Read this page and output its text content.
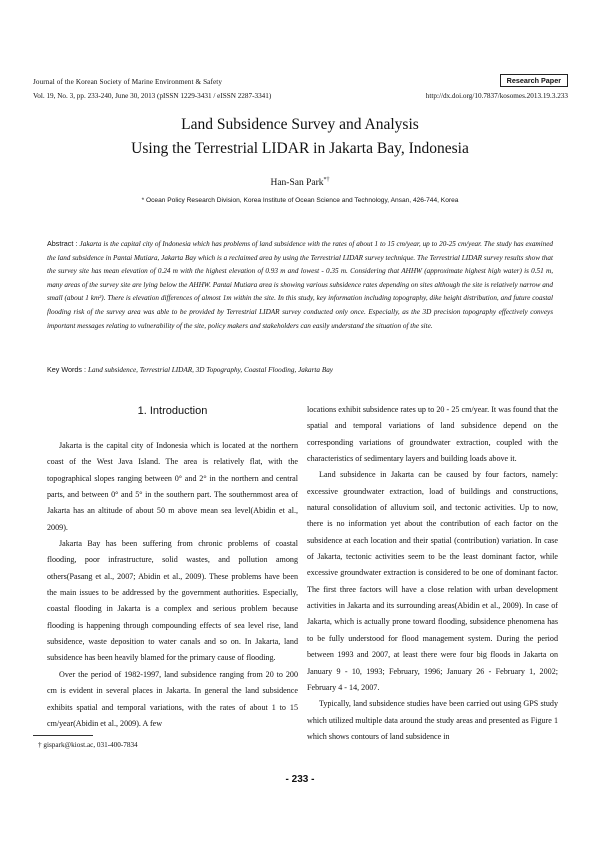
Journal of the Korean Society of Marine Environment & Safety	Research Paper
Vol. 19, No. 3, pp. 233-240, June 30, 2013 (pISSN 1229-3431 / eISSN 2287-3341)	http://dx.doi.org/10.7837/kosomes.2013.19.3.233
Land Subsidence Survey and Analysis
Using the Terrestrial LIDAR in Jakarta Bay, Indonesia
Han-San Park*†
* Ocean Policy Research Division, Korea Institute of Ocean Science and Technology, Ansan, 426-744, Korea
Abstract : Jakarta is the capital city of Indonesia which has problems of land subsidence with the rates of about 1 to 15 cm/year, up to 20-25 cm/year. The study has examined the land subsidence in Pantai Mutiara, Jakarta Bay which is a reclaimed area by using the Terrestrial LIDAR survey technique. The Terrestrial LIDAR survey results show that the survey site has mean elevation of 0.24 m with the highest elevation of 0.93 m and lowest - 0.35 m. Considering that AHHW (approximate highest high water) is 0.51 m, many areas of the survey site are lying below the AHHW. Pantai Mutiara area is showing various subsidence rates depending on sites although the site is relatively narrow and small (about 1 km²). There is elevation differences of almost 1m within the site. In this study, key information including topography, dike height distribution, and future coastal flooding risk of the survey area was able to be provided by Terrestrial LIDAR survey conducted only once. Especially, as the 3D precision topography effectively conveys important messages relating to vulnerability of the site, policy makers and stakeholders can easily understand the situation of the site.
Key Words : Land subsidence, Terrestrial LIDAR, 3D Topography, Coastal Flooding, Jakarta Bay
1. Introduction

Jakarta is the capital city of Indonesia which is located at the northern coast of the West Java Island. The area is relatively flat, with the topographical slopes ranging between 0° and 2° in the northern and central parts, and between 0° and 5° in the southern part. The southernmost area of Jakarta has an altitude of about 50 m above mean sea level(Abidin et al., 2009).

Jakarta Bay has been suffering from chronic problems of coastal flooding, poor infrastructure, solid wastes, and pollution among others(Pasang et al., 2007; Abidin et al., 2009). These problems have been the main issues to be addressed by the government authorities. Especially, coastal flooding in Jakarta is a complex and serious problem because flooding is happening through compounding effects of sea level rise, land subsidence, waste deposition to water canals and so on. In Jakarta, land subsidence has been heavily blamed for the primary cause of flooding.

Over the period of 1982-1997, land subsidence ranging from 20 to 200 cm is evident in several places in Jakarta. In general the land subsidence exhibits spatial and temporal variations, with the rates of about 1 to 15 cm/year(Abidin et al., 2009). A few

locations exhibit subsidence rates up to 20 - 25 cm/year. It was found that the spatial and temporal variations of land subsidence depend on the corresponding variations of groundwater extraction, coupled with the characteristics of sedimentary layers and building loads above it.

Land subsidence in Jakarta can be caused by four factors, namely: excessive groundwater extraction, load of buildings and constructions, natural consolidation of alluvium soil, and tectonic activities. Up to now, there is no information yet about the contribution of each factor on the subsidence at each location and their spatial (contribution) variation. In case of Jakarta, tectonic activities seem to be the least dominant factor, while excessive groundwater extraction is considered to be one of dominant factor. The first three factors will have a close relation with urban development activities in Jakarta and its surrounding areas(Abidin et al., 2009). In case of Jakarta, which is actually prone toward flooding, subsidence phenomena has to be fully understood for flood management system. During the period between 1993 and 2007, at least there were four big floods in Jakarta on January 9 - 10, 1993; February, 1996; January 26 - February 1, 2002; February 4 - 14, 2007.

Typically, land subsidence studies have been carried out using GPS study which utilized multiple data around the study areas and presented as Figure 1 which shows contours of land subsidence in

† gispark@kiost.ac, 031-400-7834
- 233 -
